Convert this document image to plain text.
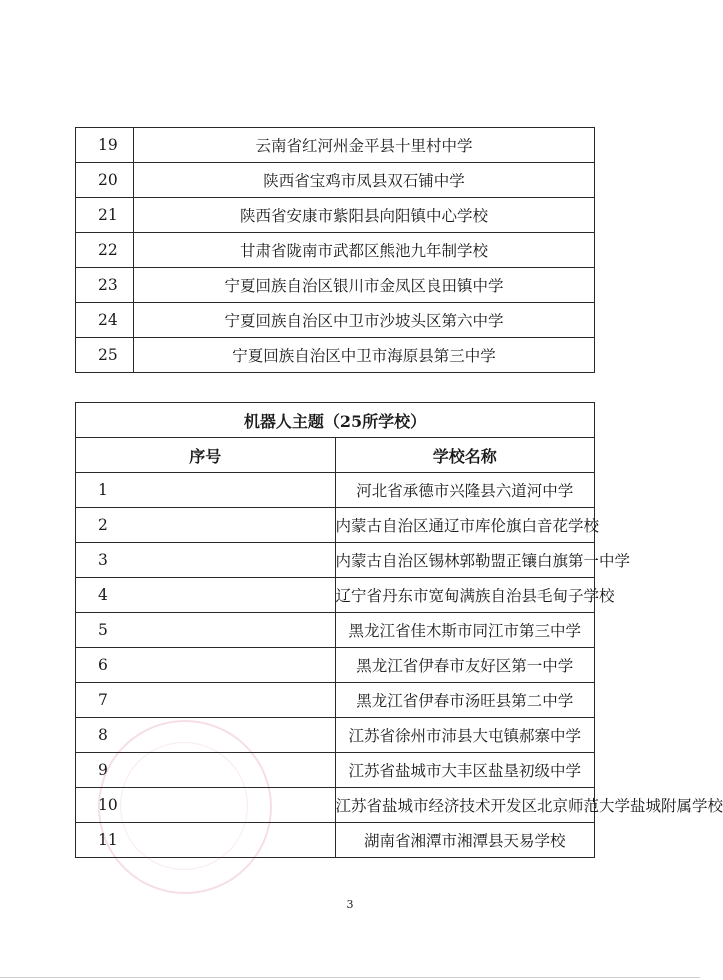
19	云南省红河州金平县十里村中学
20	陕西省宝鸡市凤县双石铺中学
21	陕西省安康市紫阳县向阳镇中心学校
22	甘肃省陇南市武都区熊池九年制学校
23	宁夏回族自治区银川市金凤区良田镇中学
24	宁夏回族自治区中卫市沙坡头区第六中学
25	宁夏回族自治区中卫市海原县第三中学
机器人主题（25所学校）	
序号	学校名称
1	河北省承德市兴隆县六道河中学
2	内蒙古自治区通辽市库伦旗白音花学校
3	内蒙古自治区锡林郭勒盟正镶白旗第一中学
4	辽宁省丹东市宽甸满族自治县毛甸子学校
5	黑龙江省佳木斯市同江市第三中学
6	黑龙江省伊春市友好区第一中学
7	黑龙江省伊春市汤旺县第二中学
8	江苏省徐州市沛县大屯镇郝寨中学
9	江苏省盐城市大丰区盐垦初级中学
10	江苏省盐城市经济技术开发区北京师范大学盐城附属学校
11	湖南省湘潭市湘潭县天易学校
3
